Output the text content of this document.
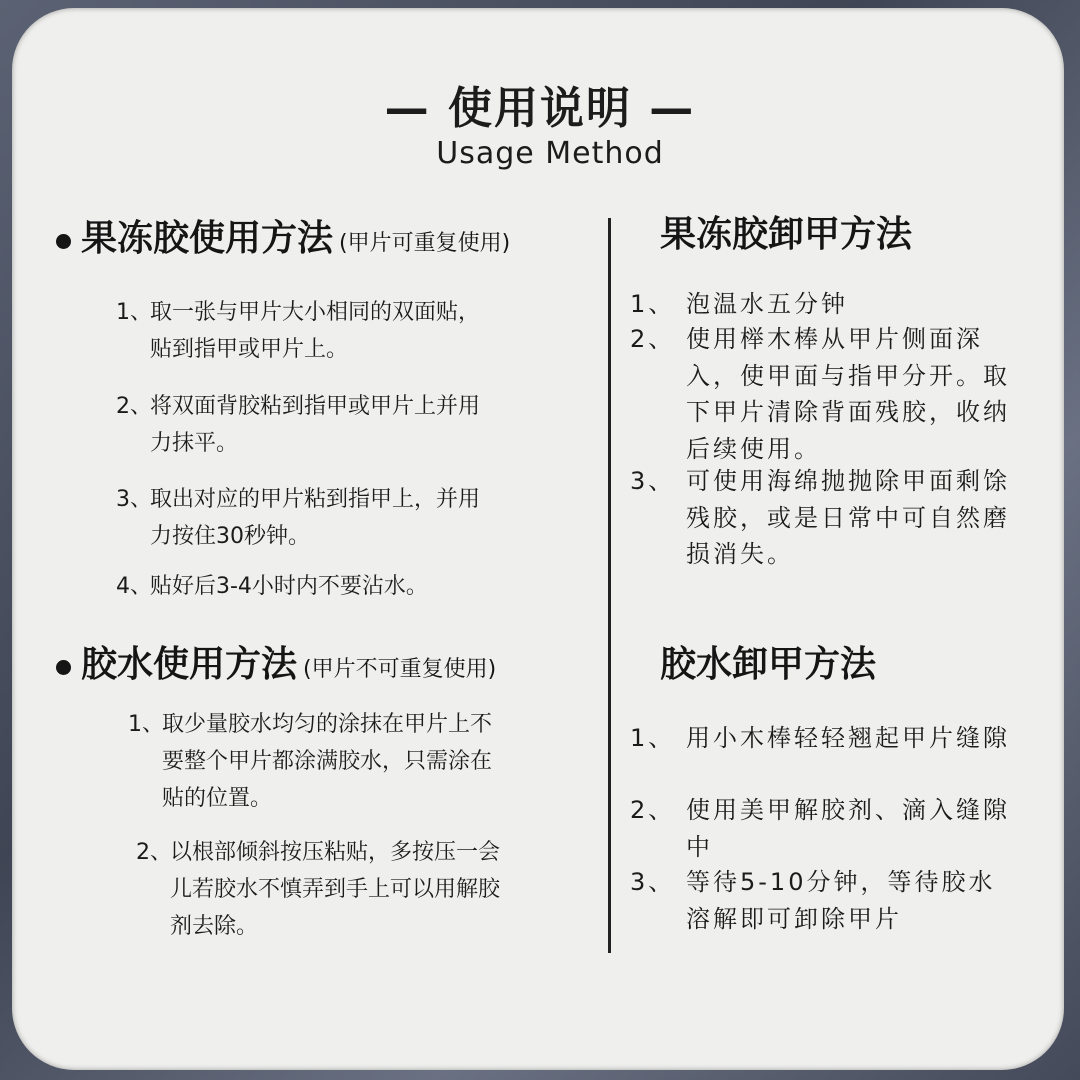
— 使用说明 —
Usage Method
果冻胶使用方法 (甲片可重复使用)
1、
取一张与甲片大小相同的双面贴，贴到指甲或甲片上。
2、
将双面背胶粘到指甲或甲片上并用力抹平。
3、
取出对应的甲片粘到指甲上，并用力按住30秒钟。
4、
贴好后3-4小时内不要沾水。
胶水使用方法 (甲片不可重复使用)
1、
取少量胶水均匀的涂抹在甲片上不要整个甲片都涂满胶水，只需涂在贴的位置。
2、
以根部倾斜按压粘贴，多按压一会儿若胶水不慎弄到手上可以用解胶剂去除。
果冻胶卸甲方法
1、 泡温水五分钟
2、 使用榉木棒从甲片侧面深入，使甲面与指甲分开。取下甲片清除背面残胶，收纳后续使用。
3、 可使用海绵抛抛除甲面剩馀残胶，或是日常中可自然磨损消失。
胶水卸甲方法
1、 用小木棒轻轻翘起甲片缝隙
2、 使用美甲解胶剂、滴入缝隙中
3、 等待5-10分钟，等待胶水溶解即可卸除甲片
